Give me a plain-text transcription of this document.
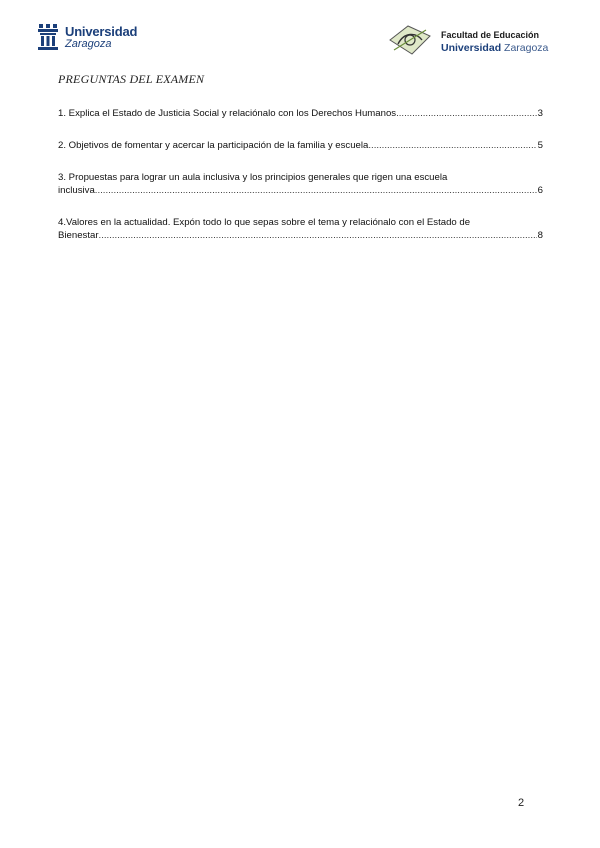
Universidad
Zaragoza
Facultad de Educación
Universidad Zaragoza
PREGUNTAS DEL EXAMEN
1. Explica el Estado de Justicia Social y relaciónalo con los Derechos Humanos .....	3
2. Objetivos de fomentar y acercar la participación de la familia y escuela .....	5
3. Propuestas para lograr un aula inclusiva y los principios generales que rigen una escuela
inclusiva .....	6
4.Valores en la actualidad. Expón todo lo que sepas sobre el tema y relaciónalo con el Estado de
Bienestar .....	8
2
